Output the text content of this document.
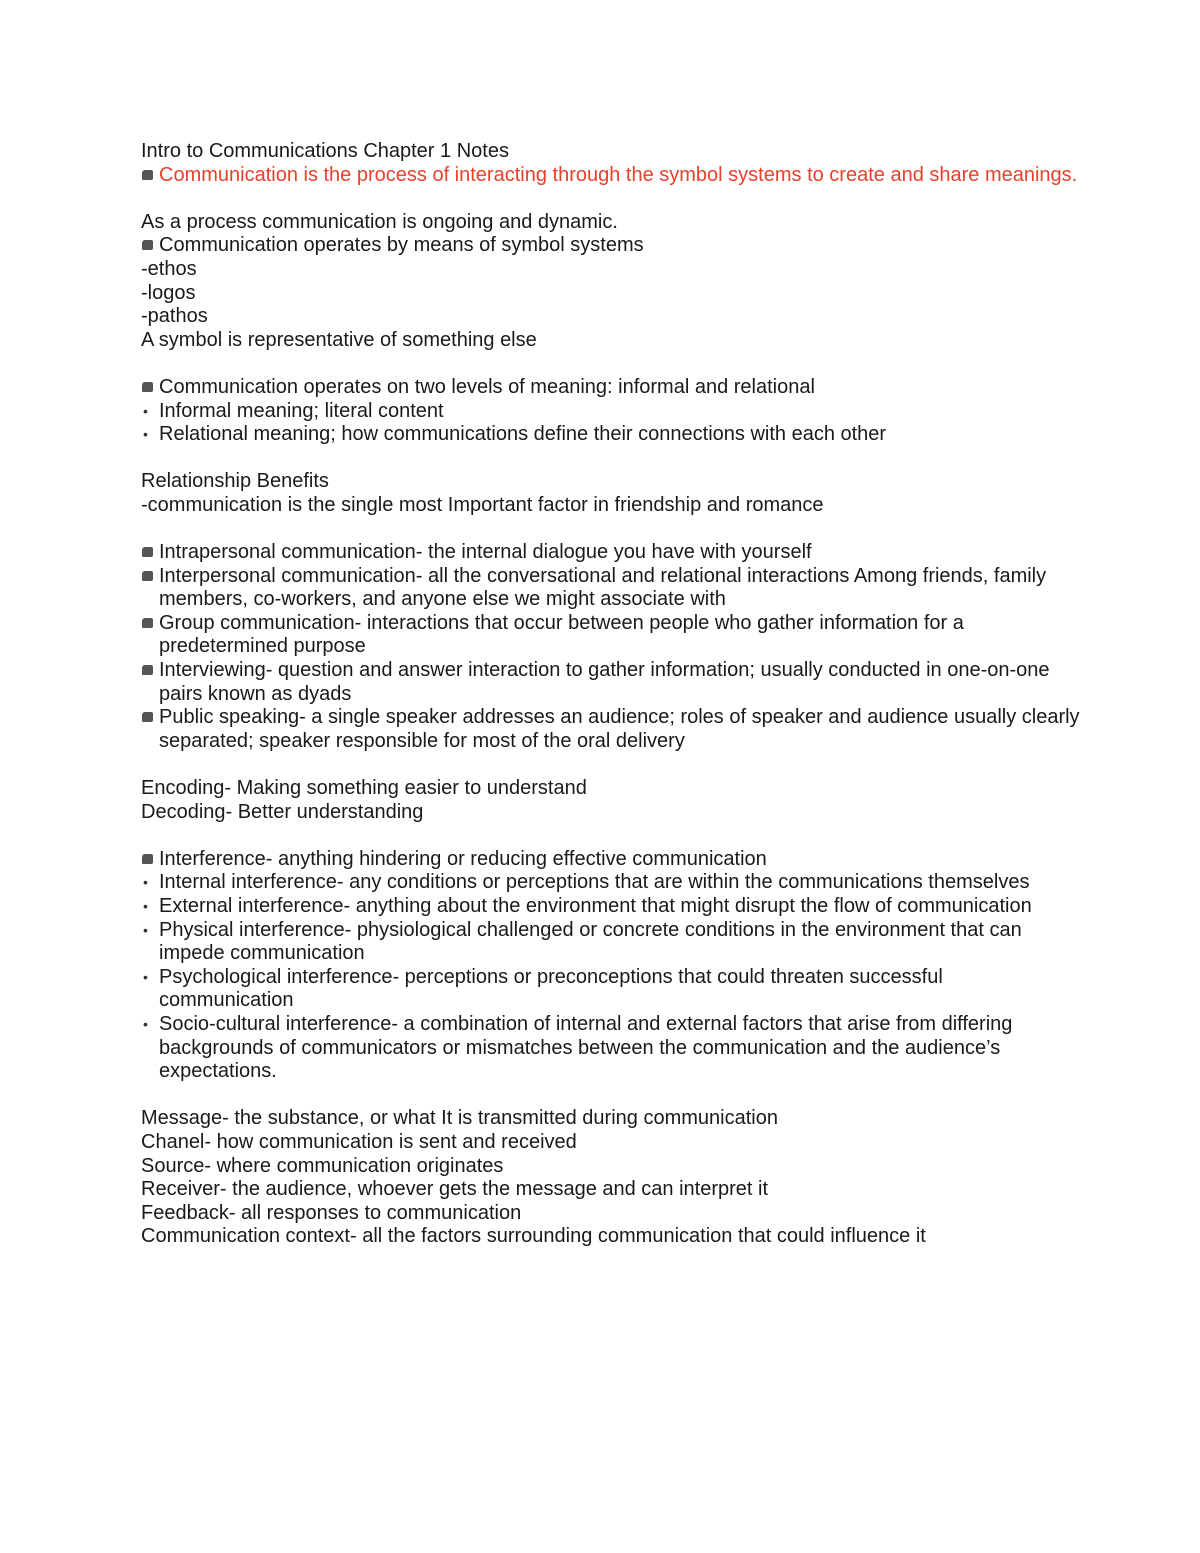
Intro to Communications Chapter 1 Notes

Communication is the process of interacting through the symbol systems to create and share meanings.

As a process communication is ongoing and dynamic.

Communication operates by means of symbol systems

-ethos

-logos

-pathos

A symbol is representative of something else

Communication operates on two levels of meaning: informal and relational
• Informal meaning; literal content
• Relational meaning; how communications define their connections with each other

Relationship Benefits

-communication is the single most Important factor in friendship and romance

Intrapersonal communication- the internal dialogue you have with yourself
Interpersonal communication- all the conversational and relational interactions Among friends, family members, co-workers, and anyone else we might associate with
Group communication- interactions that occur between people who gather information for a predetermined purpose
Interviewing- question and answer interaction to gather information; usually conducted in one-on-one pairs known as dyads
Public speaking- a single speaker addresses an audience; roles of speaker and audience usually clearly separated; speaker responsible for most of the oral delivery

Encoding- Making something easier to understand

Decoding- Better understanding

Interference- anything hindering or reducing effective communication
• Internal interference- any conditions or perceptions that are within the communications themselves
• External interference- anything about the environment that might disrupt the flow of communication
• Physical interference- physiological challenged or concrete conditions in the environment that can impede communication
• Psychological interference- perceptions or preconceptions that could threaten successful communication
• Socio-cultural interference- a combination of internal and external factors that arise from differing backgrounds of communicators or mismatches between the communication and the audience’s expectations.

Message- the substance, or what It is transmitted during communication

Chanel- how communication is sent and received

Source- where communication originates

Receiver- the audience, whoever gets the message and can interpret it

Feedback- all responses to communication

Communication context- all the factors surrounding communication that could influence it
